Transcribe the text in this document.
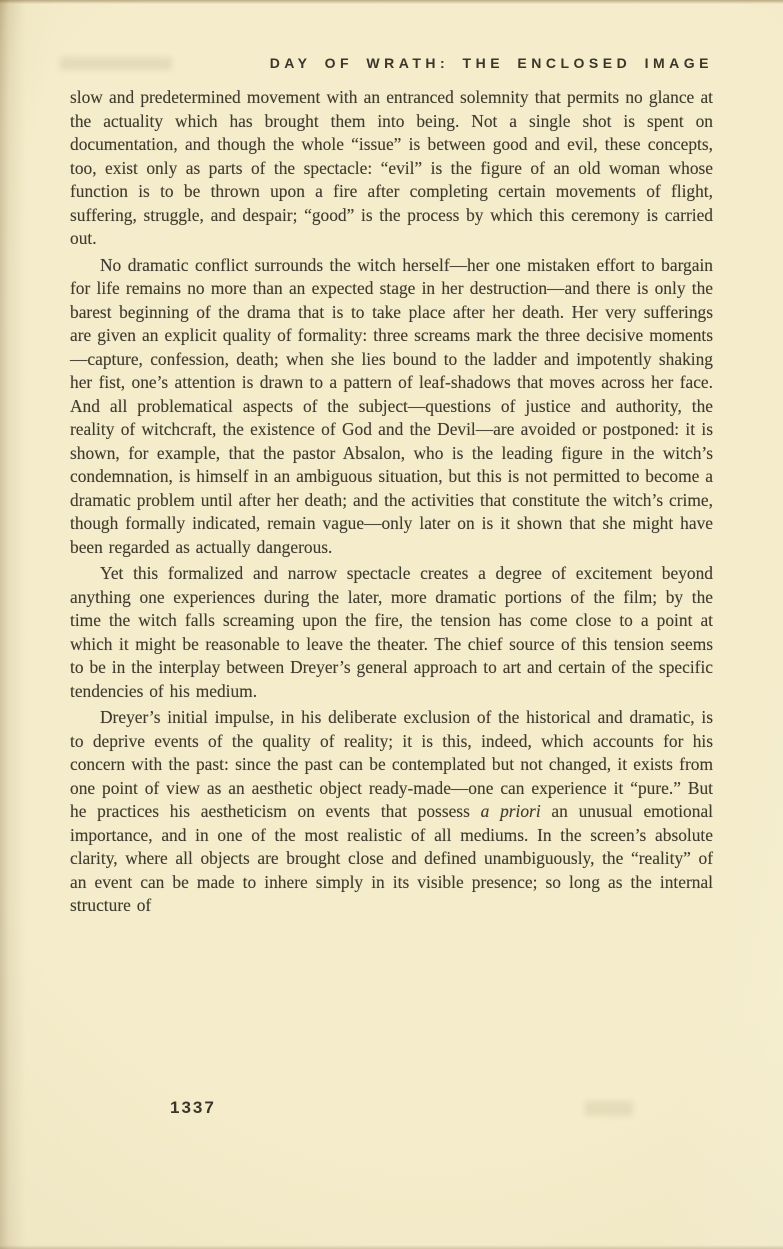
DAY OF WRATH: THE ENCLOSED IMAGE

slow and predetermined movement with an entranced solemnity that permits no glance at the actuality which has brought them into being. Not a single shot is spent on documentation, and though the whole “issue” is between good and evil, these concepts, too, exist only as parts of the spectacle: “evil” is the figure of an old woman whose function is to be thrown upon a fire after completing certain movements of flight, suffering, struggle, and despair; “good” is the process by which this ceremony is carried out.

No dramatic conflict surrounds the witch herself—her one mistaken effort to bargain for life remains no more than an expected stage in her destruction—and there is only the barest beginning of the drama that is to take place after her death. Her very sufferings are given an explicit quality of formality: three screams mark the three decisive moments—capture, confession, death; when she lies bound to the ladder and impotently shaking her fist, one’s attention is drawn to a pattern of leaf-shadows that moves across her face. And all problematical aspects of the subject—questions of justice and authority, the reality of witchcraft, the existence of God and the Devil—are avoided or postponed: it is shown, for example, that the pastor Absalon, who is the leading figure in the witch’s condemnation, is himself in an ambiguous situation, but this is not permitted to become a dramatic problem until after her death; and the activities that constitute the witch’s crime, though formally indicated, remain vague—only later on is it shown that she might have been regarded as actually dangerous.

Yet this formalized and narrow spectacle creates a degree of excitement beyond anything one experiences during the later, more dramatic portions of the film; by the time the witch falls screaming upon the fire, the tension has come close to a point at which it might be reasonable to leave the theater. The chief source of this tension seems to be in the interplay between Dreyer’s general approach to art and certain of the specific tendencies of his medium.

Dreyer’s initial impulse, in his deliberate exclusion of the historical and dramatic, is to deprive events of the quality of reality; it is this, indeed, which accounts for his concern with the past: since the past can be contemplated but not changed, it exists from one point of view as an aesthetic object ready-made—one can experience it “pure.” But he practices his aestheticism on events that possess a priori an unusual emotional importance, and in one of the most realistic of all mediums. In the screen’s absolute clarity, where all objects are brought close and defined unambiguously, the “reality” of an event can be made to inhere simply in its visible presence; so long as the internal structure of

1337
